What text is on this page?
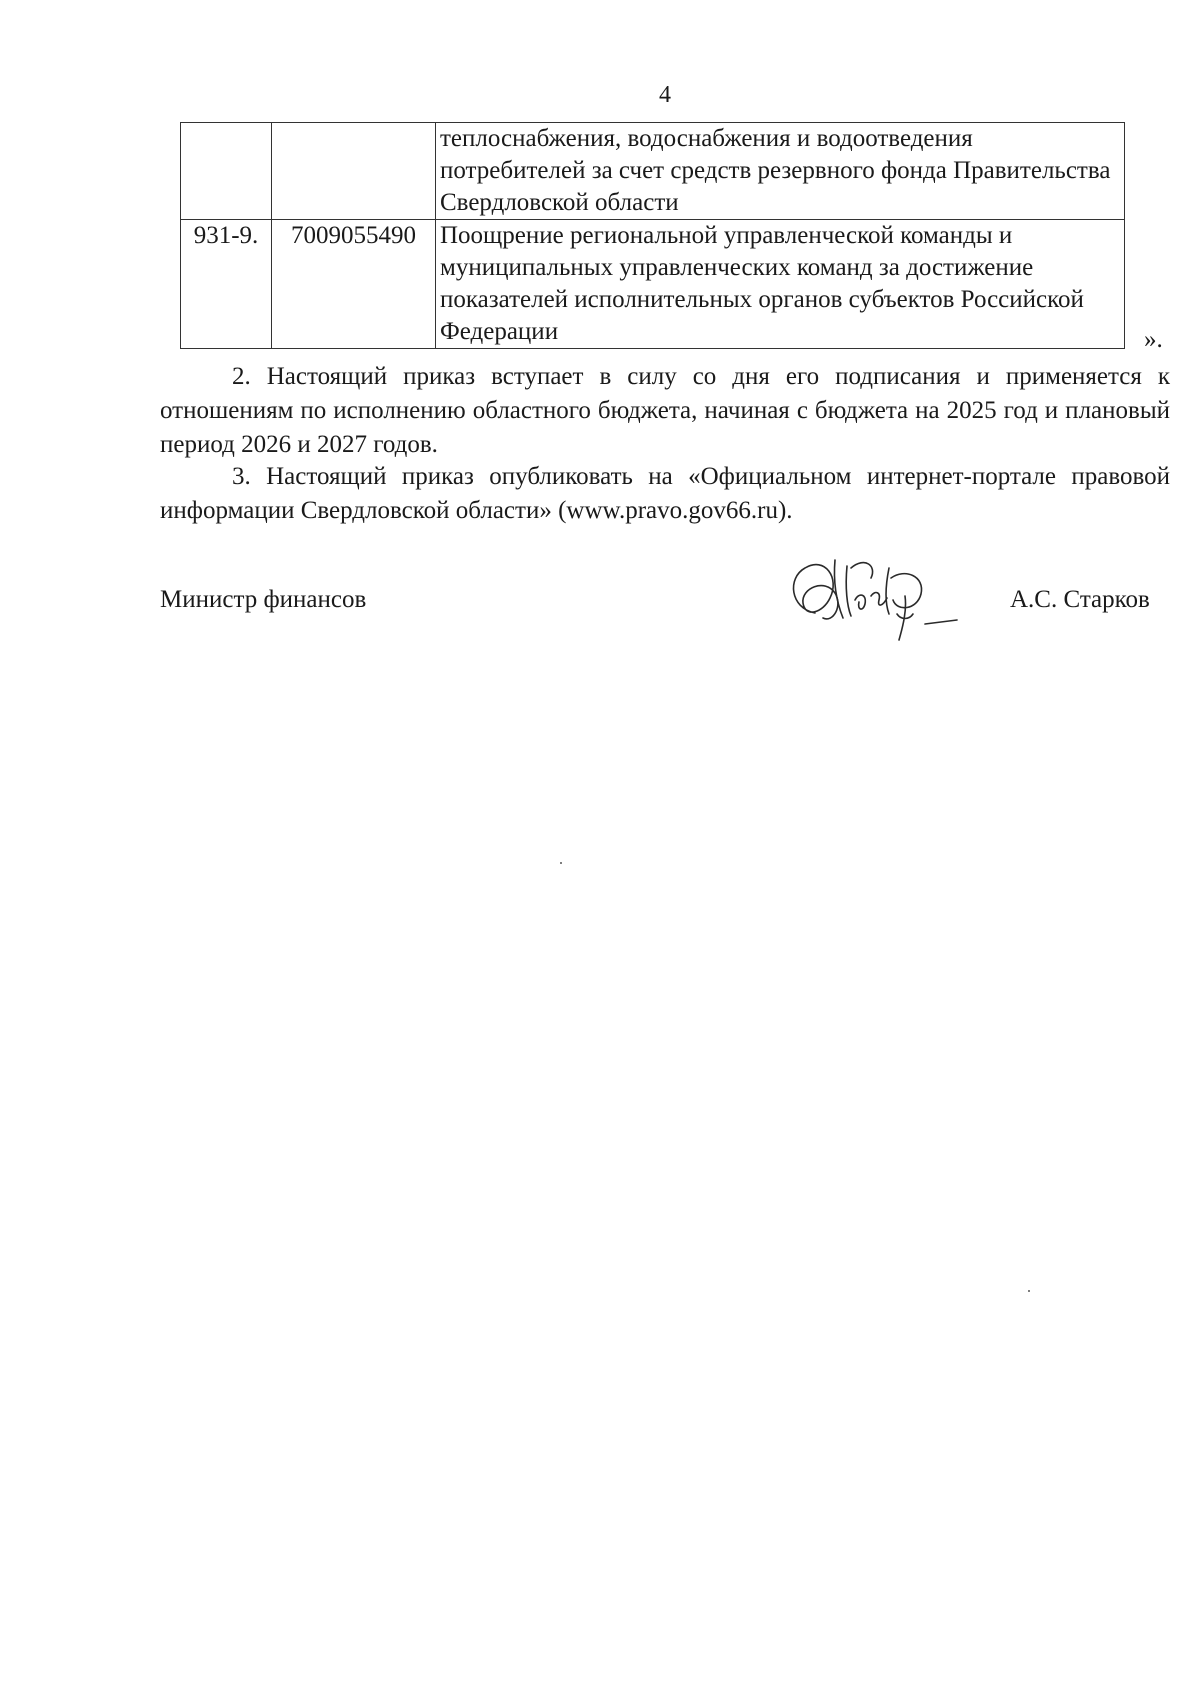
4
		теплоснабжения, водоснабжения и водоотведения потребителей за счет средств резервного фонда Правительства Свердловской области
931-9.	7009055490	Поощрение региональной управленческой команды и муниципальных управленческих команд за достижение показателей исполнительных органов субъектов Российской Федерации	».
2. Настоящий приказ вступает в силу со дня его подписания и применяется к отношениям по исполнению областного бюджета, начиная с бюджета на 2025 год и плановый период 2026 и 2027 годов.
3. Настоящий приказ опубликовать на «Официальном интернет-портале правовой информации Свердловской области» (www.pravo.gov66.ru).
Министр финансов	А.С. Старков
